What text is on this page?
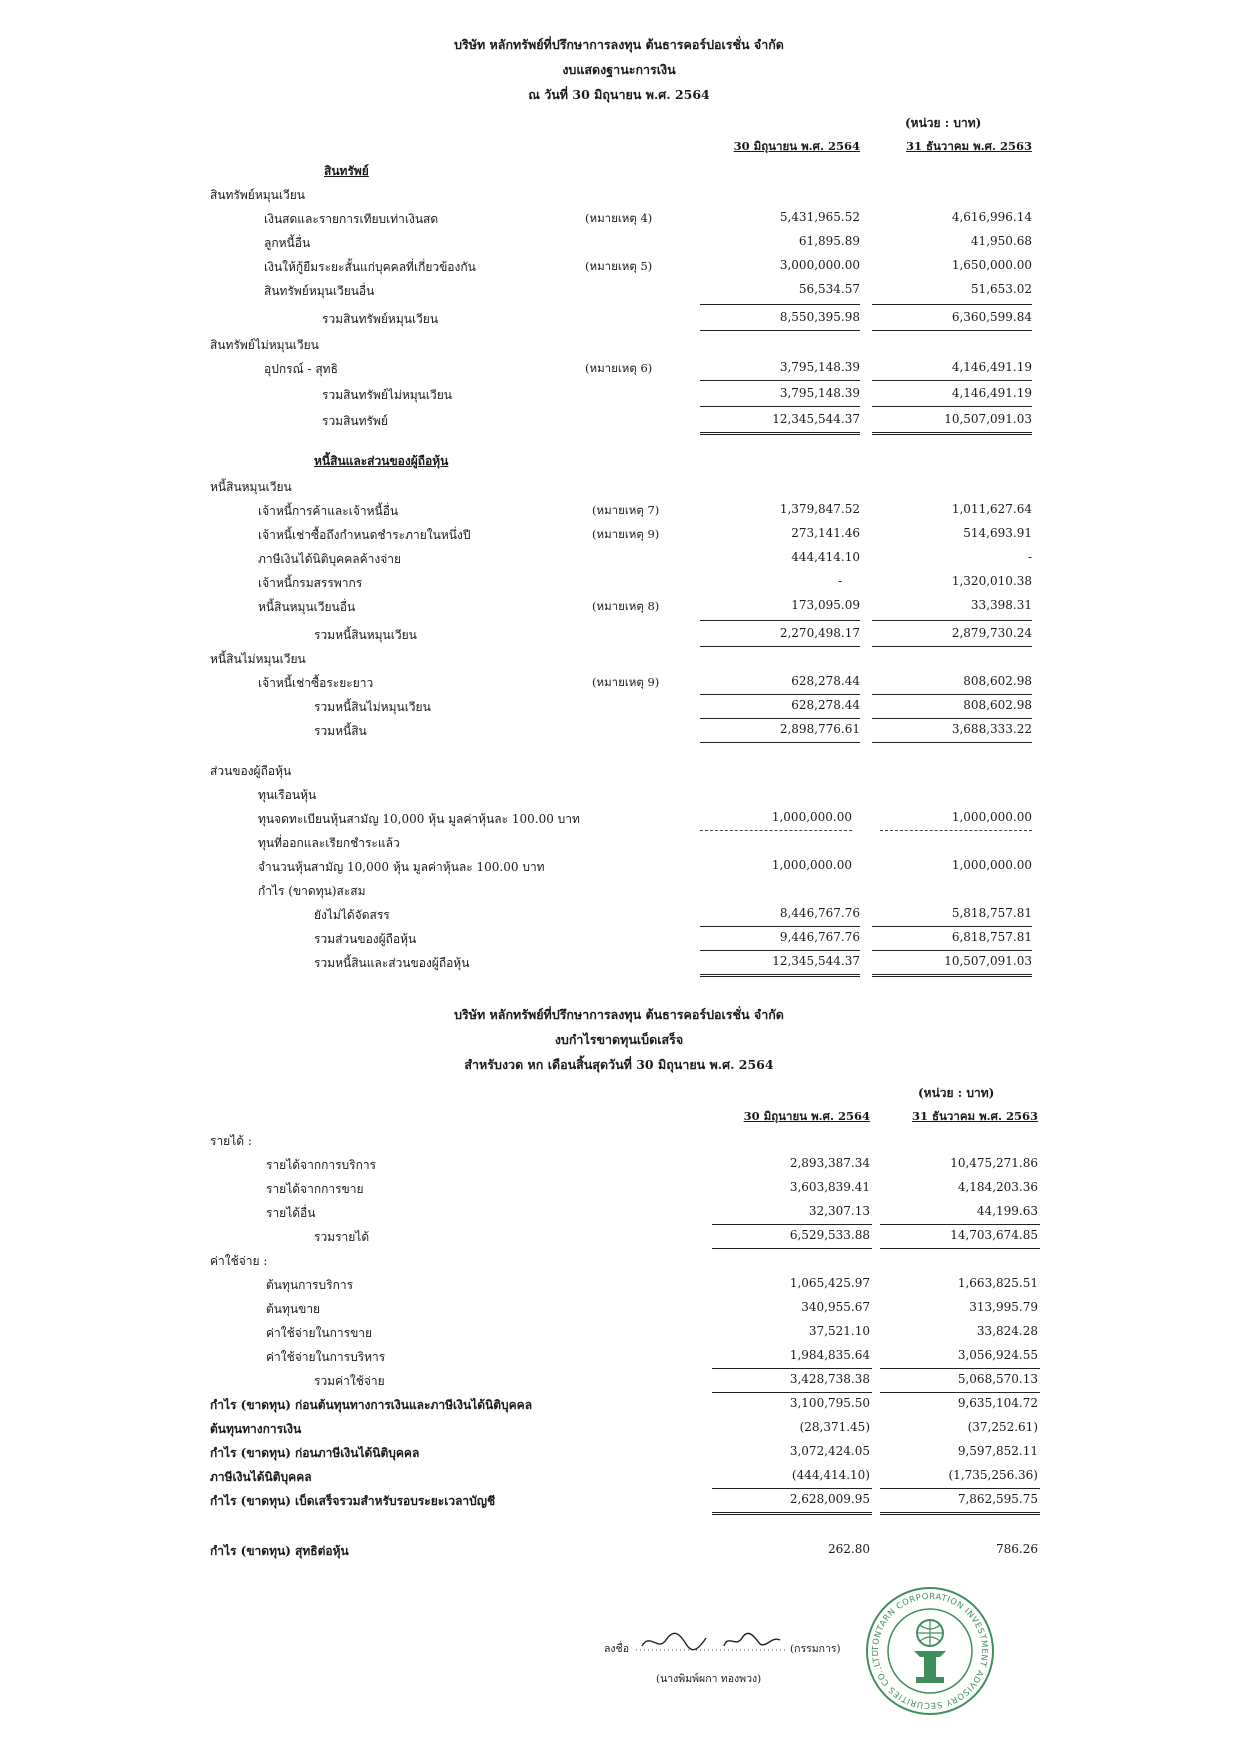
บริษัท หลักทรัพย์ที่ปรึกษาการลงทุน ต้นธารคอร์ปอเรชั่น จำกัด
งบแสดงฐานะการเงิน
ณ วันที่ 30 มิถุนายน พ.ศ. 2564
(หน่วย : บาท)
30 มิถุนายน พ.ศ. 2564	31 ธันวาคม พ.ศ. 2563
สินทรัพย์
สินทรัพย์หมุนเวียน
เงินสดและรายการเทียบเท่าเงินสด	(หมายเหตุ 4)	5,431,965.52	4,616,996.14
ลูกหนี้อื่น	61,895.89	41,950.68
เงินให้กู้ยืมระยะสั้นแก่บุคคลที่เกี่ยวข้องกัน	(หมายเหตุ 5)	3,000,000.00	1,650,000.00
สินทรัพย์หมุนเวียนอื่น	56,534.57	51,653.02
รวมสินทรัพย์หมุนเวียน	8,550,395.98	6,360,599.84
สินทรัพย์ไม่หมุนเวียน
อุปกรณ์ - สุทธิ	(หมายเหตุ 6)	3,795,148.39	4,146,491.19
รวมสินทรัพย์ไม่หมุนเวียน	3,795,148.39	4,146,491.19
รวมสินทรัพย์	12,345,544.37	10,507,091.03
หนี้สินและส่วนของผู้ถือหุ้น
หนี้สินหมุนเวียน
เจ้าหนี้การค้าและเจ้าหนี้อื่น	(หมายเหตุ 7)	1,379,847.52	1,011,627.64
เจ้าหนี้เช่าซื้อถึงกำหนดชำระภายในหนึ่งปี	(หมายเหตุ 9)	273,141.46	514,693.91
ภาษีเงินได้นิติบุคคลค้างจ่าย	444,414.10	-
เจ้าหนี้กรมสรรพากร	-	1,320,010.38
หนี้สินหมุนเวียนอื่น	(หมายเหตุ 8)	173,095.09	33,398.31
รวมหนี้สินหมุนเวียน	2,270,498.17	2,879,730.24
หนี้สินไม่หมุนเวียน
เจ้าหนี้เช่าซื้อระยะยาว	(หมายเหตุ 9)	628,278.44	808,602.98
รวมหนี้สินไม่หมุนเวียน	628,278.44	808,602.98
รวมหนี้สิน	2,898,776.61	3,688,333.22
ส่วนของผู้ถือหุ้น
ทุนเรือนหุ้น
ทุนจดทะเบียนหุ้นสามัญ 10,000 หุ้น มูลค่าหุ้นละ 100.00 บาท	1,000,000.00	1,000,000.00
ทุนที่ออกและเรียกชำระแล้ว
จำนวนหุ้นสามัญ 10,000 หุ้น มูลค่าหุ้นละ 100.00 บาท	1,000,000.00	1,000,000.00
กำไร (ขาดทุน)สะสม
ยังไม่ได้จัดสรร	8,446,767.76	5,818,757.81
รวมส่วนของผู้ถือหุ้น	9,446,767.76	6,818,757.81
รวมหนี้สินและส่วนของผู้ถือหุ้น	12,345,544.37	10,507,091.03
บริษัท หลักทรัพย์ที่ปรึกษาการลงทุน ต้นธารคอร์ปอเรชั่น จำกัด
งบกำไรขาดทุนเบ็ดเสร็จ
สำหรับงวด หก เดือนสิ้นสุดวันที่ 30 มิถุนายน พ.ศ. 2564
(หน่วย : บาท)
30 มิถุนายน พ.ศ. 2564	31 ธันวาคม พ.ศ. 2563
รายได้ :
รายได้จากการบริการ	2,893,387.34	10,475,271.86
รายได้จากการขาย	3,603,839.41	4,184,203.36
รายได้อื่น	32,307.13	44,199.63
รวมรายได้	6,529,533.88	14,703,674.85
ค่าใช้จ่าย :
ต้นทุนการบริการ	1,065,425.97	1,663,825.51
ต้นทุนขาย	340,955.67	313,995.79
ค่าใช้จ่ายในการขาย	37,521.10	33,824.28
ค่าใช้จ่ายในการบริหาร	1,984,835.64	3,056,924.55
รวมค่าใช้จ่าย	3,428,738.38	5,068,570.13
กำไร (ขาดทุน) ก่อนต้นทุนทางการเงินและภาษีเงินได้นิติบุคคล	3,100,795.50	9,635,104.72
ต้นทุนทางการเงิน	(28,371.45)	(37,252.61)
กำไร (ขาดทุน) ก่อนภาษีเงินได้นิติบุคคล	3,072,424.05	9,597,852.11
ภาษีเงินได้นิติบุคคล	(444,414.10)	(1,735,256.36)
กำไร (ขาดทุน) เบ็ดเสร็จรวมสำหรับรอบระยะเวลาบัญชี	2,628,009.95	7,862,595.75
กำไร (ขาดทุน) สุทธิต่อหุ้น	262.80	786.26
ลงชื่อ	(กรรมการ)
(นางพิมพ์ผกา ทองพวง)
TONTARN CORPORATION INVESTMENT ADVISORY SECURITIES CO.,LTD
